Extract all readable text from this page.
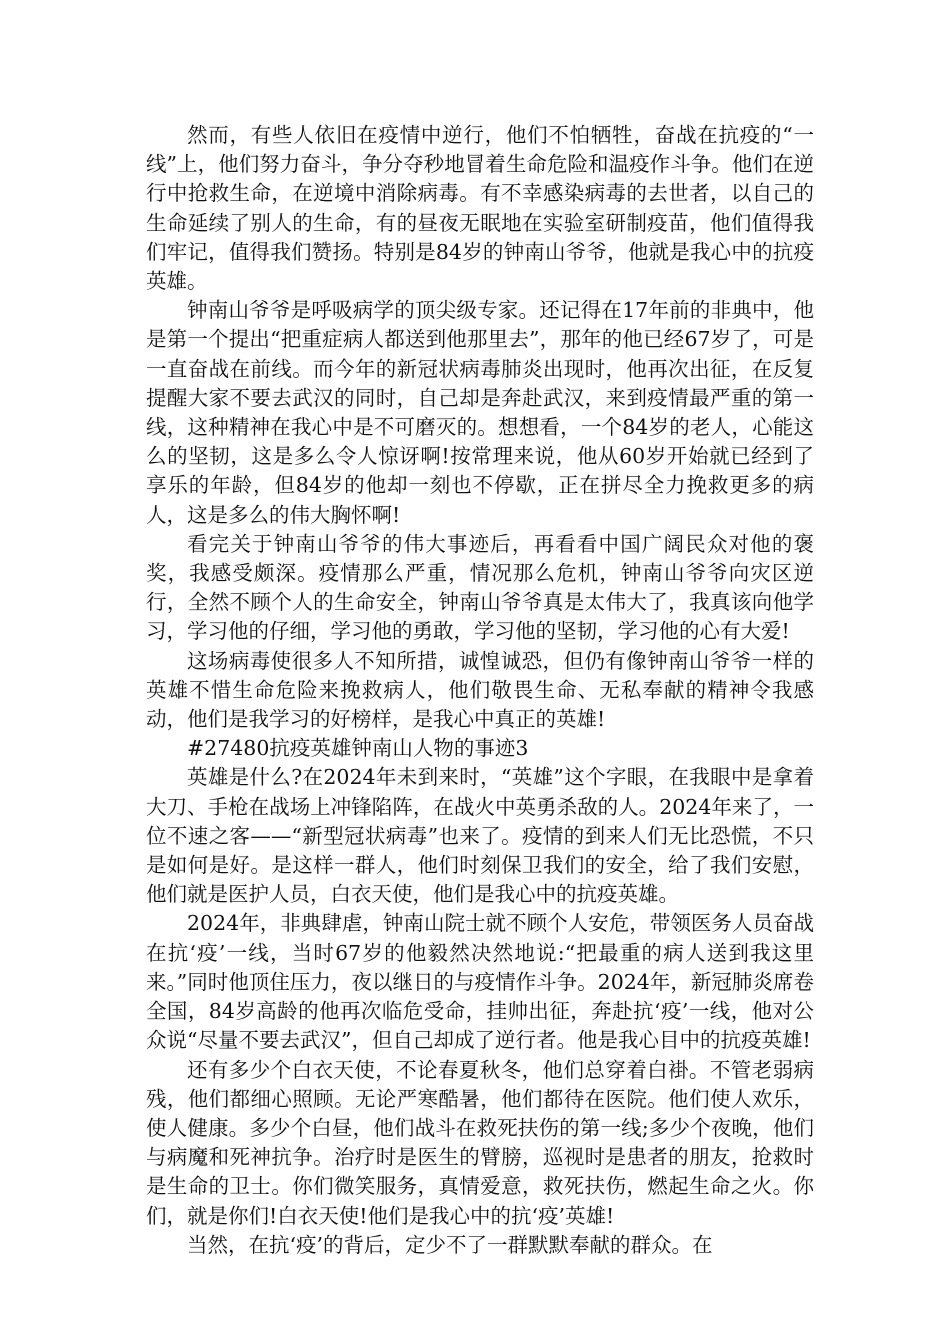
然而，有些人依旧在疫情中逆行，他们不怕牺牲，奋战在抗疫的“一线”上，他们努力奋斗，争分夺秒地冒着生命危险和温疫作斗争。他们在逆行中抢救生命，在逆境中消除病毒。有不幸感染病毒的去世者，以自己的生命延续了别人的生命，有的昼夜无眠地在实验室研制疫苗，他们值得我们牢记，值得我们赞扬。特别是84岁的钟南山爷爷，他就是我心中的抗疫英雄。

钟南山爷爷是呼吸病学的顶尖级专家。还记得在17年前的非典中，他是第一个提出“把重症病人都送到他那里去”，那年的他已经67岁了，可是一直奋战在前线。而今年的新冠状病毒肺炎出现时，他再次出征，在反复提醒大家不要去武汉的同时，自己却是奔赴武汉，来到疫情最严重的第一线，这种精神在我心中是不可磨灭的。想想看，一个84岁的老人，心能这么的坚韧，这是多么令人惊讶啊!按常理来说，他从60岁开始就已经到了享乐的年龄，但84岁的他却一刻也不停歇，正在拼尽全力挽救更多的病人，这是多么的伟大胸怀啊!

看完关于钟南山爷爷的伟大事迹后，再看看中国广阔民众对他的褒奖，我感受颇深。疫情那么严重，情况那么危机，钟南山爷爷向灾区逆行，全然不顾个人的生命安全，钟南山爷爷真是太伟大了，我真该向他学习，学习他的仔细，学习他的勇敢，学习他的坚韧，学习他的心有大爱!

这场病毒使很多人不知所措，诚惶诚恐，但仍有像钟南山爷爷一样的英雄不惜生命危险来挽救病人，他们敬畏生命、无私奉献的精神令我感动，他们是我学习的好榜样，是我心中真正的英雄!

#27480抗疫英雄钟南山人物的事迹3

英雄是什么?在2024年未到来时，“英雄”这个字眼，在我眼中是拿着大刀、手枪在战场上冲锋陷阵，在战火中英勇杀敌的人。2024年来了，一位不速之客——“新型冠状病毒”也来了。疫情的到来人们无比恐慌，不只是如何是好。是这样一群人，他们时刻保卫我们的安全，给了我们安慰，他们就是医护人员，白衣天使，他们是我心中的抗疫英雄。

2024年，非典肆虐，钟南山院士就不顾个人安危，带领医务人员奋战在抗‘疫’一线，当时67岁的他毅然决然地说:“把最重的病人送到我这里来。”同时他顶住压力，夜以继日的与疫情作斗争。2024年，新冠肺炎席卷全国，84岁高龄的他再次临危受命，挂帅出征，奔赴抗‘疫’一线，他对公众说“尽量不要去武汉”，但自己却成了逆行者。他是我心目中的抗疫英雄!

还有多少个白衣天使，不论春夏秋冬，他们总穿着白褂。不管老弱病残，他们都细心照顾。无论严寒酷暑，他们都待在医院。他们使人欢乐，使人健康。多少个白昼，他们战斗在救死扶伤的第一线;多少个夜晚，他们与病魔和死神抗争。治疗时是医生的臂膀，巡视时是患者的朋友，抢救时是生命的卫士。你们微笑服务，真情爱意，救死扶伤，燃起生命之火。你们，就是你们!白衣天使!他们是我心中的抗‘疫’英雄!

当然，在抗‘疫’的背后，定少不了一群默默奉献的群众。在
